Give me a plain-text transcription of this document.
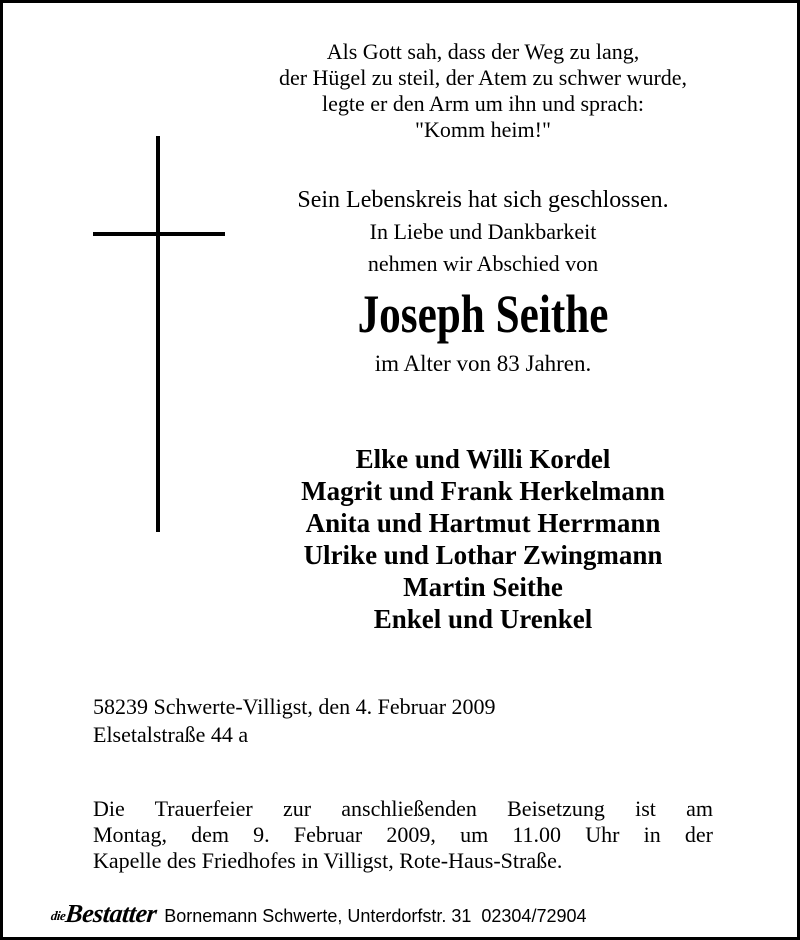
Als Gott sah, dass der Weg zu lang,
der Hügel zu steil, der Atem zu schwer wurde,
legte er den Arm um ihn und sprach:
"Komm heim!"
Sein Lebenskreis hat sich geschlossen.
In Liebe und Dankbarkeit
nehmen wir Abschied von
Joseph Seithe
im Alter von 83 Jahren.
Elke und Willi Kordel
Magrit und Frank Herkelmann
Anita und Hartmut Herrmann
Ulrike und Lothar Zwingmann
Martin Seithe
Enkel und Urenkel
58239 Schwerte-Villigst, den 4. Februar 2009
Elsetalstraße 44 a
Die Trauerfeier zur anschließenden Beisetzung ist am
Montag, dem 9. Februar 2009, um 11.00 Uhr in der
Kapelle des Friedhofes in Villigst, Rote-Haus-Straße.
dieBestatter Bornemann Schwerte, Unterdorfstr. 31  02304/72904
